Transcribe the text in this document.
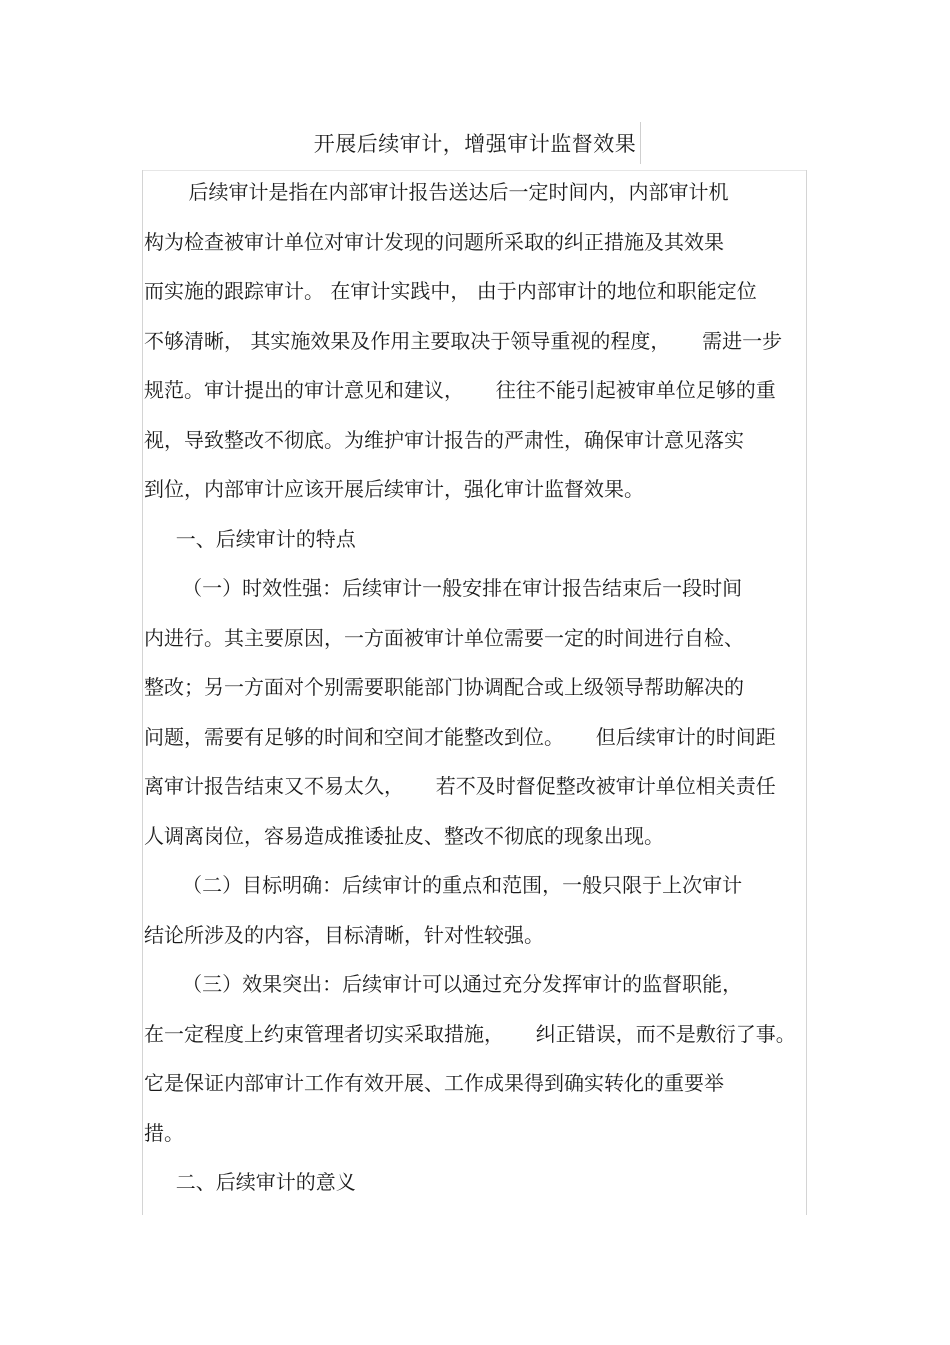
开展后续审计，增强审计监督效果
后续审计是指在内部审计报告送达后一定时间内，内部审计机
构为检查被审计单位对审计发现的问题所采取的纠正措施及其效果
而实施的跟踪审计。 在审计实践中， 由于内部审计的地位和职能定位
不够清晰， 其实施效果及作用主要取决于领导重视的程度，     需进一步
规范。审计提出的审计意见和建议，     往往不能引起被审单位足够的重
视，导致整改不彻底。为维护审计报告的严肃性，确保审计意见落实
到位，内部审计应该开展后续审计，强化审计监督效果。
一、后续审计的特点
（一）时效性强：后续审计一般安排在审计报告结束后一段时间
内进行。其主要原因，一方面被审计单位需要一定的时间进行自检、
整改；另一方面对个别需要职能部门协调配合或上级领导帮助解决的
问题，需要有足够的时间和空间才能整改到位。     但后续审计的时间距
离审计报告结束又不易太久，     若不及时督促整改被审计单位相关责任
人调离岗位，容易造成推诿扯皮、整改不彻底的现象出现。
（二）目标明确：后续审计的重点和范围，一般只限于上次审计
结论所涉及的内容，目标清晰，针对性较强。
（三）效果突出：后续审计可以通过充分发挥审计的监督职能，
在一定程度上约束管理者切实采取措施，     纠正错误，而不是敷衍了事。
它是保证内部审计工作有效开展、工作成果得到确实转化的重要举
措。
二、后续审计的意义
